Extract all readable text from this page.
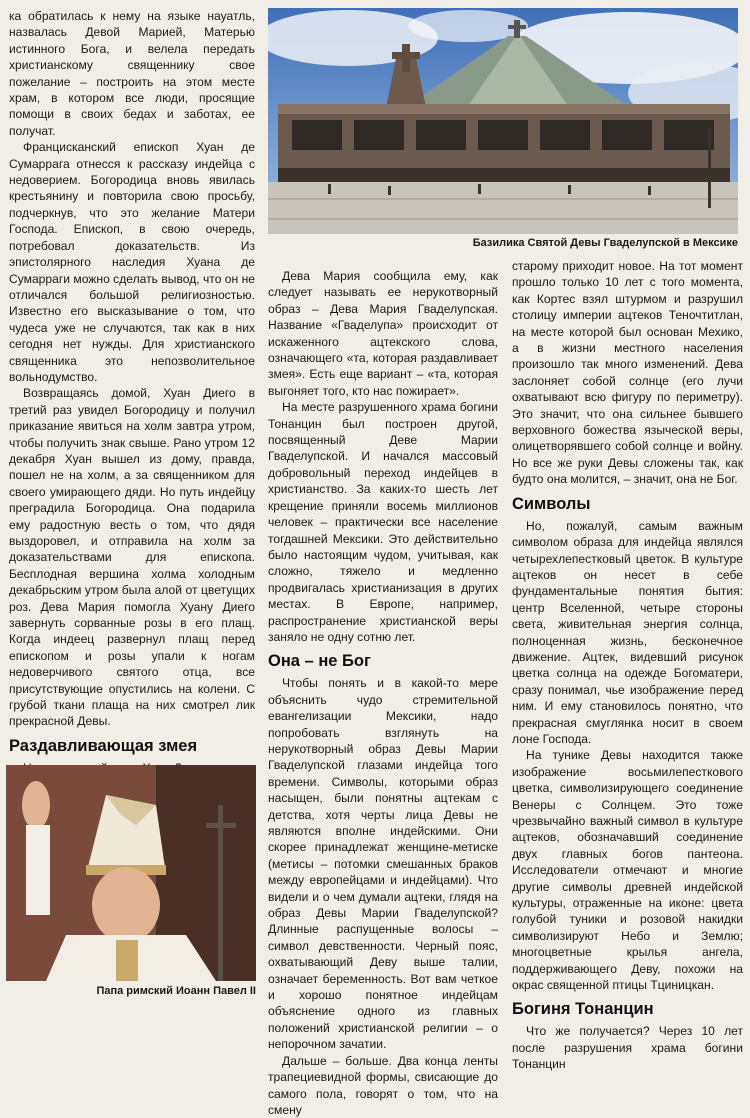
Базилика Святой Девы Гваделупской в Мексике

ка обратилась к нему на языке науатль, назвалась Девой Марией, Матерью истинного Бога, и велела передать христианскому священнику свое пожелание – построить на этом месте храм, в котором все люди, просящие помощи в своих бедах и заботах, ее получат.

Францисканский епископ Хуан де Сумаррага отнесся к рассказу индейца с недоверием. Богородица вновь явилась крестьянину и повторила свою просьбу, подчеркнув, что это желание Матери Господа. Епископ, в свою очередь, потребовал доказательств. Из эпистолярного наследия Хуана де Сумарраги можно сделать вывод, что он не отличался большой религиозностью. Известно его высказывание о том, что чудеса уже не случаются, так как в них сегодня нет нужды. Для христианского священника это непозволительное вольнодумство.

Возвращаясь домой, Хуан Диего в третий раз увидел Богородицу и получил приказание явиться на холм завтра утром, чтобы получить знак свыше. Рано утром 12 декабря Хуан вышел из дому, правда, пошел не на холм, а за священником для своего умирающего дяди. Но путь индейцу преградила Богородица. Она подарила ему радостную весть о том, что дядя выздоровел, и отправила на холм за доказательствами для епископа. Бесплодная вершина холма холодным декабрьским утром была алой от цветущих роз. Дева Мария помогла Хуану Диего завернуть сорванные розы в его плащ. Когда индеец развернул плащ перед епископом и розы упали к ногам недоверчивого святого отца, все присутствующие опустились на колени. С грубой ткани плаща на них смотрел лик прекрасной Девы.

Раздавливающая змея

Папа римский Иоанн Павел II

Дева Мария сообщила ему, как следует называть ее нерукотворный образ – Дева Мария Гваделупская. Название «Гваделупа» происходит от искаженного ацтекского слова, означающего «та, которая раздавливает змея». Есть еще вариант – «та, которая выгоняет того, кто нас пожирает».

На месте разрушенного храма богини Тонанцин был построен другой, посвященный Деве Марии Гваделупской. И начался массовый добровольный переход индейцев в христианство. За каких-то шесть лет крещение приняли восемь миллионов человек – практически все население тогдашней Мексики. Это действительно было настоящим чудом, учитывая, как сложно, тяжело и медленно продвигалась христианизация в других местах. В Европе, например, распространение христианской веры заняло не одну сотню лет.

Она – не Бог

Чтобы понять и в какой-то мере объяснить чудо стремительной евангелизации Мексики, надо попробовать взглянуть на нерукотворный образ Девы Марии Гваделупской глазами индейца того времени. Символы, которыми образ насыщен, были понятны ацтекам с детства, хотя черты лица Девы не являются вполне индейскими. Они скорее принадлежат женщине-метиске (метисы – потомки смешанных браков между европейцами и индейцами). Что видели и о чем думали ацтеки, глядя на образ Девы Марии Гваделупской? Длинные распущенные волосы – символ девственности. Черный пояс, охватывающий Деву выше талии, означает беременность. Вот вам четкое и хорошо понятное индейцам объяснение одного из главных положений христианской религии – о непорочном зачатии.

Дальше – больше. Два конца ленты трапециевидной формы, свисающие до самого пола, говорят о том, что на смену

старому приходит новое. На тот момент прошло только 10 лет с того момента, как Кортес взял штурмом и разрушил столицу империи ацтеков Теночтитлан, на месте которой был основан Мехико, а в жизни местного населения произошло так много изменений. Дева заслоняет собой солнце (его лучи охватывают всю фигуру по периметру). Это значит, что она сильнее бывшего верховного божества языческой веры, олицетворявшего собой солнце и войну. Но все же руки Девы сложены так, как будто она молится, – значит, она не Бог.

Символы

Но, пожалуй, самым важным символом образа для индейца являлся четырехлепестковый цветок. В культуре ацтеков он несет в себе фундаментальные понятия бытия: центр Вселенной, четыре стороны света, живительная энергия солнца, полноценная жизнь, бесконечное движение. Ацтек, видевший рисунок цветка солнца на одежде Богоматери, сразу понимал, чье изображение перед ним. И ему становилось понятно, что прекрасная смуглянка носит в своем лоне Господа.

На тунике Девы находится также изображение восьмилепесткового цветка, символизирующего соединение Венеры с Солнцем. Это тоже чрезвычайно важный символ в культуре ацтеков, обозначавший соединение двух главных богов пантеона. Исследователи отмечают и многие другие символы древней индейской культуры, отраженные на иконе: цвета голубой туники и розовой накидки символизируют Небо и Землю; многоцветные крылья ангела, поддерживающего Деву, похожи на окрас священной птицы Тциницкан.

Богиня Тонанцин

Что же получается? Через 10 лет после разрушения храма богини Тонанцин
